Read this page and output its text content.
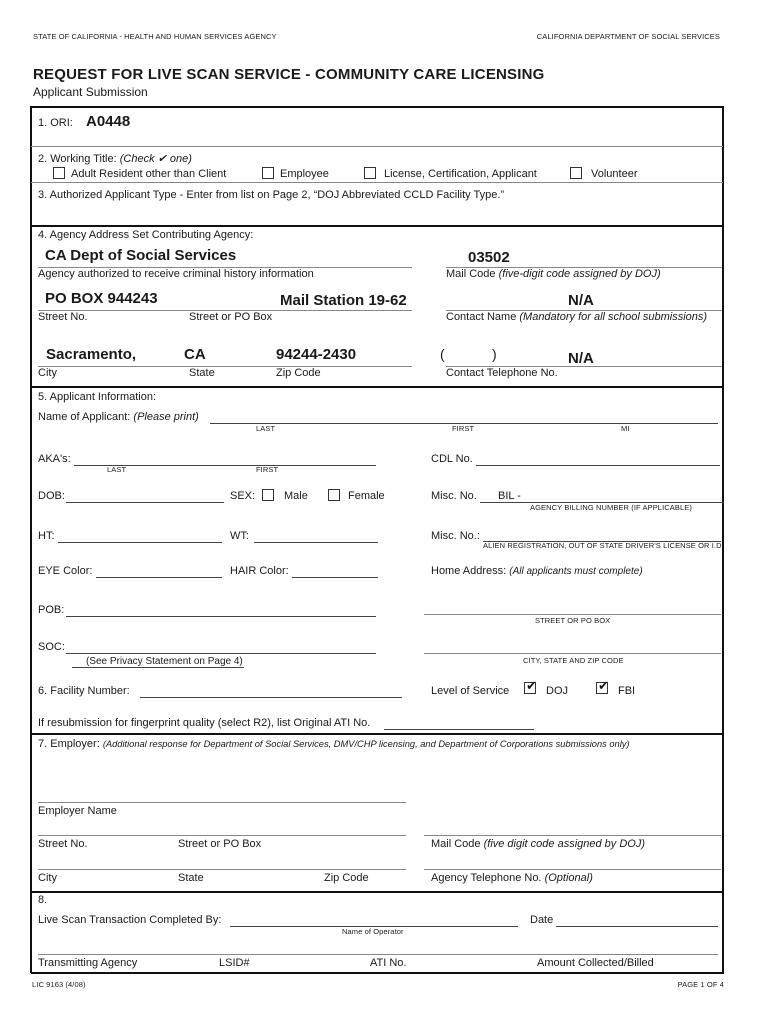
STATE OF CALIFORNIA - HEALTH AND HUMAN SERVICES AGENCY	CALIFORNIA DEPARTMENT OF SOCIAL SERVICES
REQUEST FOR LIVE SCAN SERVICE - COMMUNITY CARE LICENSING
Applicant Submission
1. ORI: A0448
2. Working Title: (Check ✔ one)
Adult Resident other than Client	Employee	License, Certification, Applicant	Volunteer
3. Authorized Applicant Type - Enter from list on Page 2, “DOJ Abbreviated CCLD Facility Type.”
4. Agency Address Set Contributing Agency:
CA Dept of Social Services
Agency authorized to receive criminal history information
03502
Mail Code (five-digit code assigned by DOJ)
PO BOX 944243	Mail Station 19-62
Street No.	Street or PO Box
N/A
Contact Name (Mandatory for all school submissions)
Sacramento,	CA	94244-2430
City	State	Zip Code
(	)	N/A
Contact Telephone No.
5. Applicant Information:
Name of Applicant: (Please print)
LAST	FIRST	MI
AKA's:
LAST	FIRST
CDL No.
DOB:	SEX:	Male	Female	Misc. No. BIL -
AGENCY BILLING NUMBER (IF APPLICABLE)
HT:	WT:	Misc. No.:
ALIEN REGISTRATION, OUT OF STATE DRIVER'S LICENSE OR I.D.
EYE Color:	HAIR Color:	Home Address: (All applicants must complete)
POB:
STREET OR PO BOX
SOC:
(See Privacy Statement on Page 4)	CITY, STATE AND ZIP CODE
6. Facility Number:	Level of Service ✔ DOJ ✔ FBI
If resubmission for fingerprint quality (select R2), list Original ATI No.
7. Employer: (Additional response for Department of Social Services, DMV/CHP licensing, and Department of Corporations submissions only)
Employer Name
Street No.	Street or PO Box	Mail Code (five digit code assigned by DOJ)
City	State	Zip Code	Agency Telephone No. (Optional)
8.
Live Scan Transaction Completed By:
Name of Operator
Date
Transmitting Agency	LSID#	ATI No.	Amount Collected/Billed
LIC 9163 (4/08)	PAGE 1 OF 4
